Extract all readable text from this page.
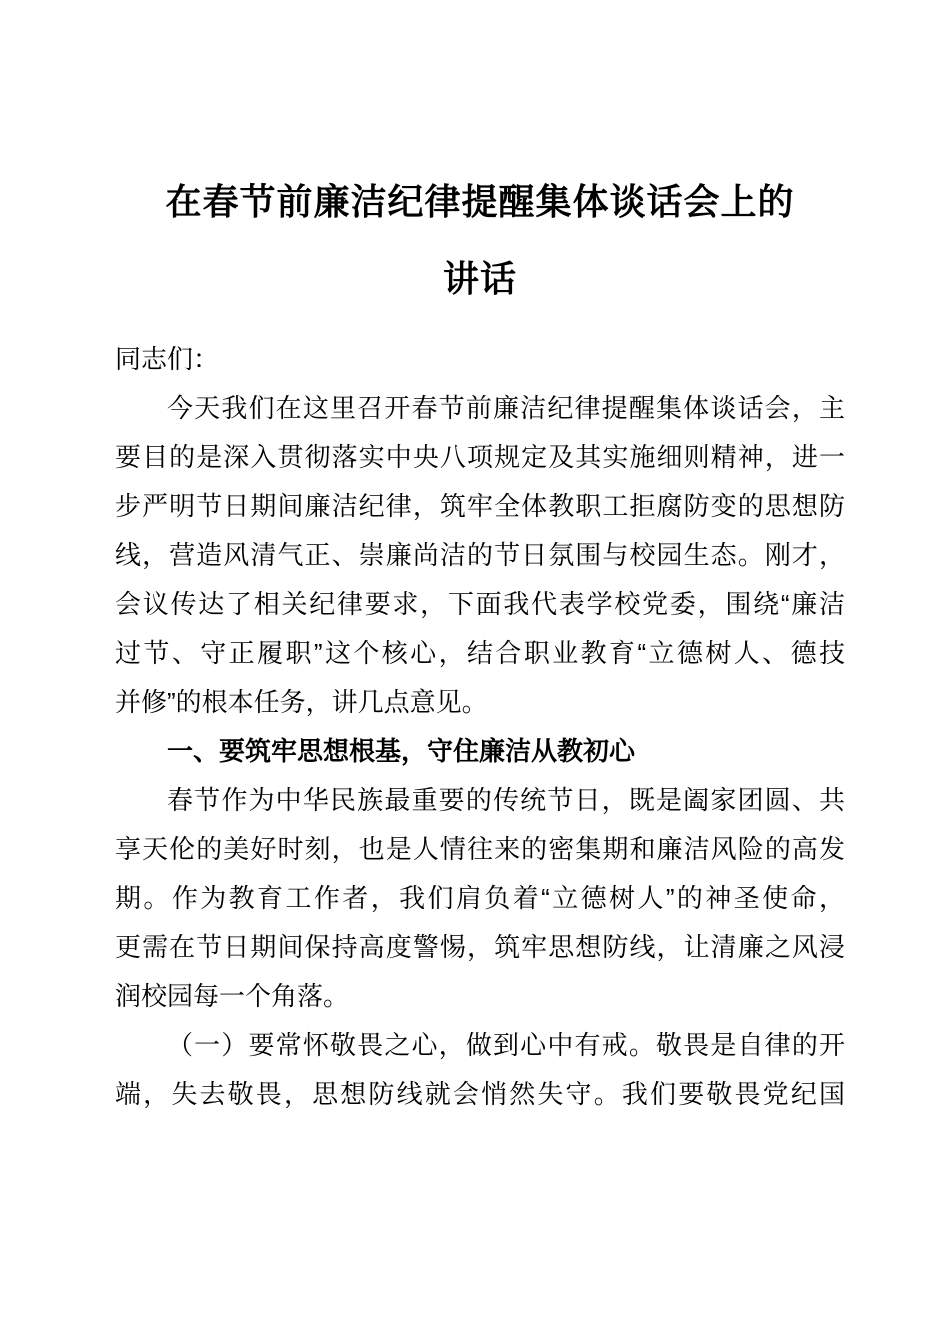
在春节前廉洁纪律提醒集体谈话会上的
讲话
同志们：
今天我们在这里召开春节前廉洁纪律提醒集体谈话会，主
要目的是深入贯彻落实中央八项规定及其实施细则精神，进一
步严明节日期间廉洁纪律，筑牢全体教职工拒腐防变的思想防
线，营造风清气正、崇廉尚洁的节日氛围与校园生态。刚才，
会议传达了相关纪律要求，下面我代表学校党委，围绕“廉洁
过节、守正履职”这个核心，结合职业教育“立德树人、德技
并修”的根本任务，讲几点意见。
一、要筑牢思想根基，守住廉洁从教初心
春节作为中华民族最重要的传统节日，既是阖家团圆、共
享天伦的美好时刻，也是人情往来的密集期和廉洁风险的高发
期。作为教育工作者，我们肩负着“立德树人”的神圣使命，
更需在节日期间保持高度警惕，筑牢思想防线，让清廉之风浸
润校园每一个角落。
（一）要常怀敬畏之心，做到心中有戒。敬畏是自律的开
端，失去敬畏，思想防线就会悄然失守。我们要敬畏党纪国
